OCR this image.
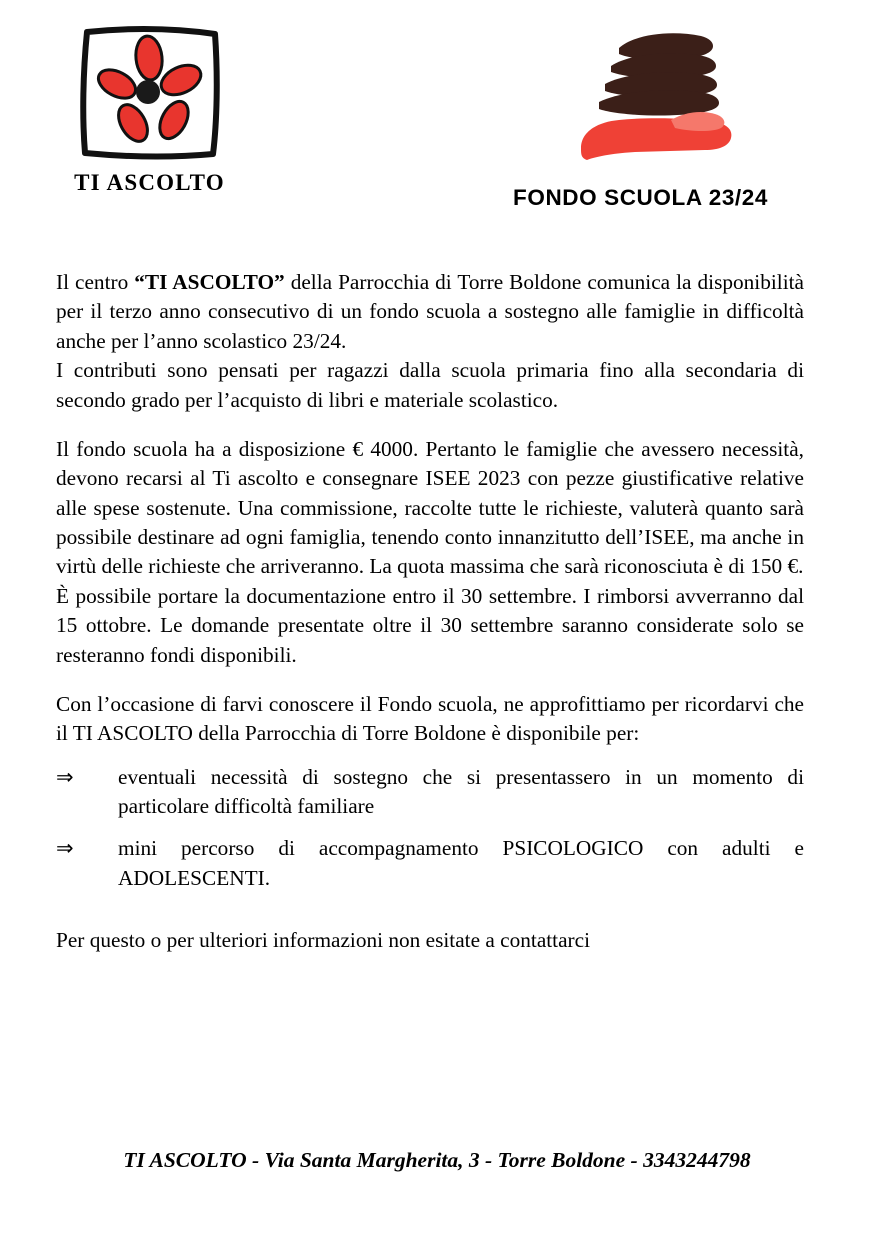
TI ASCOLTO
FONDO SCUOLA 23/24

Il centro “TI ASCOLTO” della Parrocchia di Torre Boldone comunica la disponibilità per il terzo anno consecutivo di un fondo scuola a sostegno alle famiglie in difficoltà anche per l’anno scolastico 23/24.

I contributi sono pensati per ragazzi dalla scuola primaria fino alla secondaria di secondo grado per l’acquisto di libri e materiale scolastico.

Il fondo scuola ha a disposizione € 4000. Pertanto le famiglie che avessero necessità, devono recarsi al Ti ascolto e consegnare ISEE 2023 con pezze giustificative relative alle spese sostenute. Una commissione, raccolte tutte le richieste, valuterà quanto sarà possibile destinare ad ogni famiglia, tenendo conto innanzitutto dell’ISEE, ma anche in virtù delle richieste che arriveranno. La quota massima che sarà riconosciuta è di 150 €.

È possibile portare la documentazione entro il 30 settembre. I rimborsi avverranno dal 15 ottobre. Le domande presentate oltre il 30 settembre saranno considerate solo se resteranno fondi disponibili.

Con l’occasione di farvi conoscere il Fondo scuola, ne approfittiamo per ricordarvi che il TI ASCOLTO della Parrocchia di Torre Boldone è disponibile per:

⇒	eventuali necessità di sostegno che si presentassero in un momento di particolare difficoltà familiare
⇒	mini percorso di accompagnamento PSICOLOGICO con adulti e ADOLESCENTI.

Per questo o per ulteriori informazioni non esitate a contattarci

TI ASCOLTO - Via Santa Margherita, 3 - Torre Boldone - 3343244798
